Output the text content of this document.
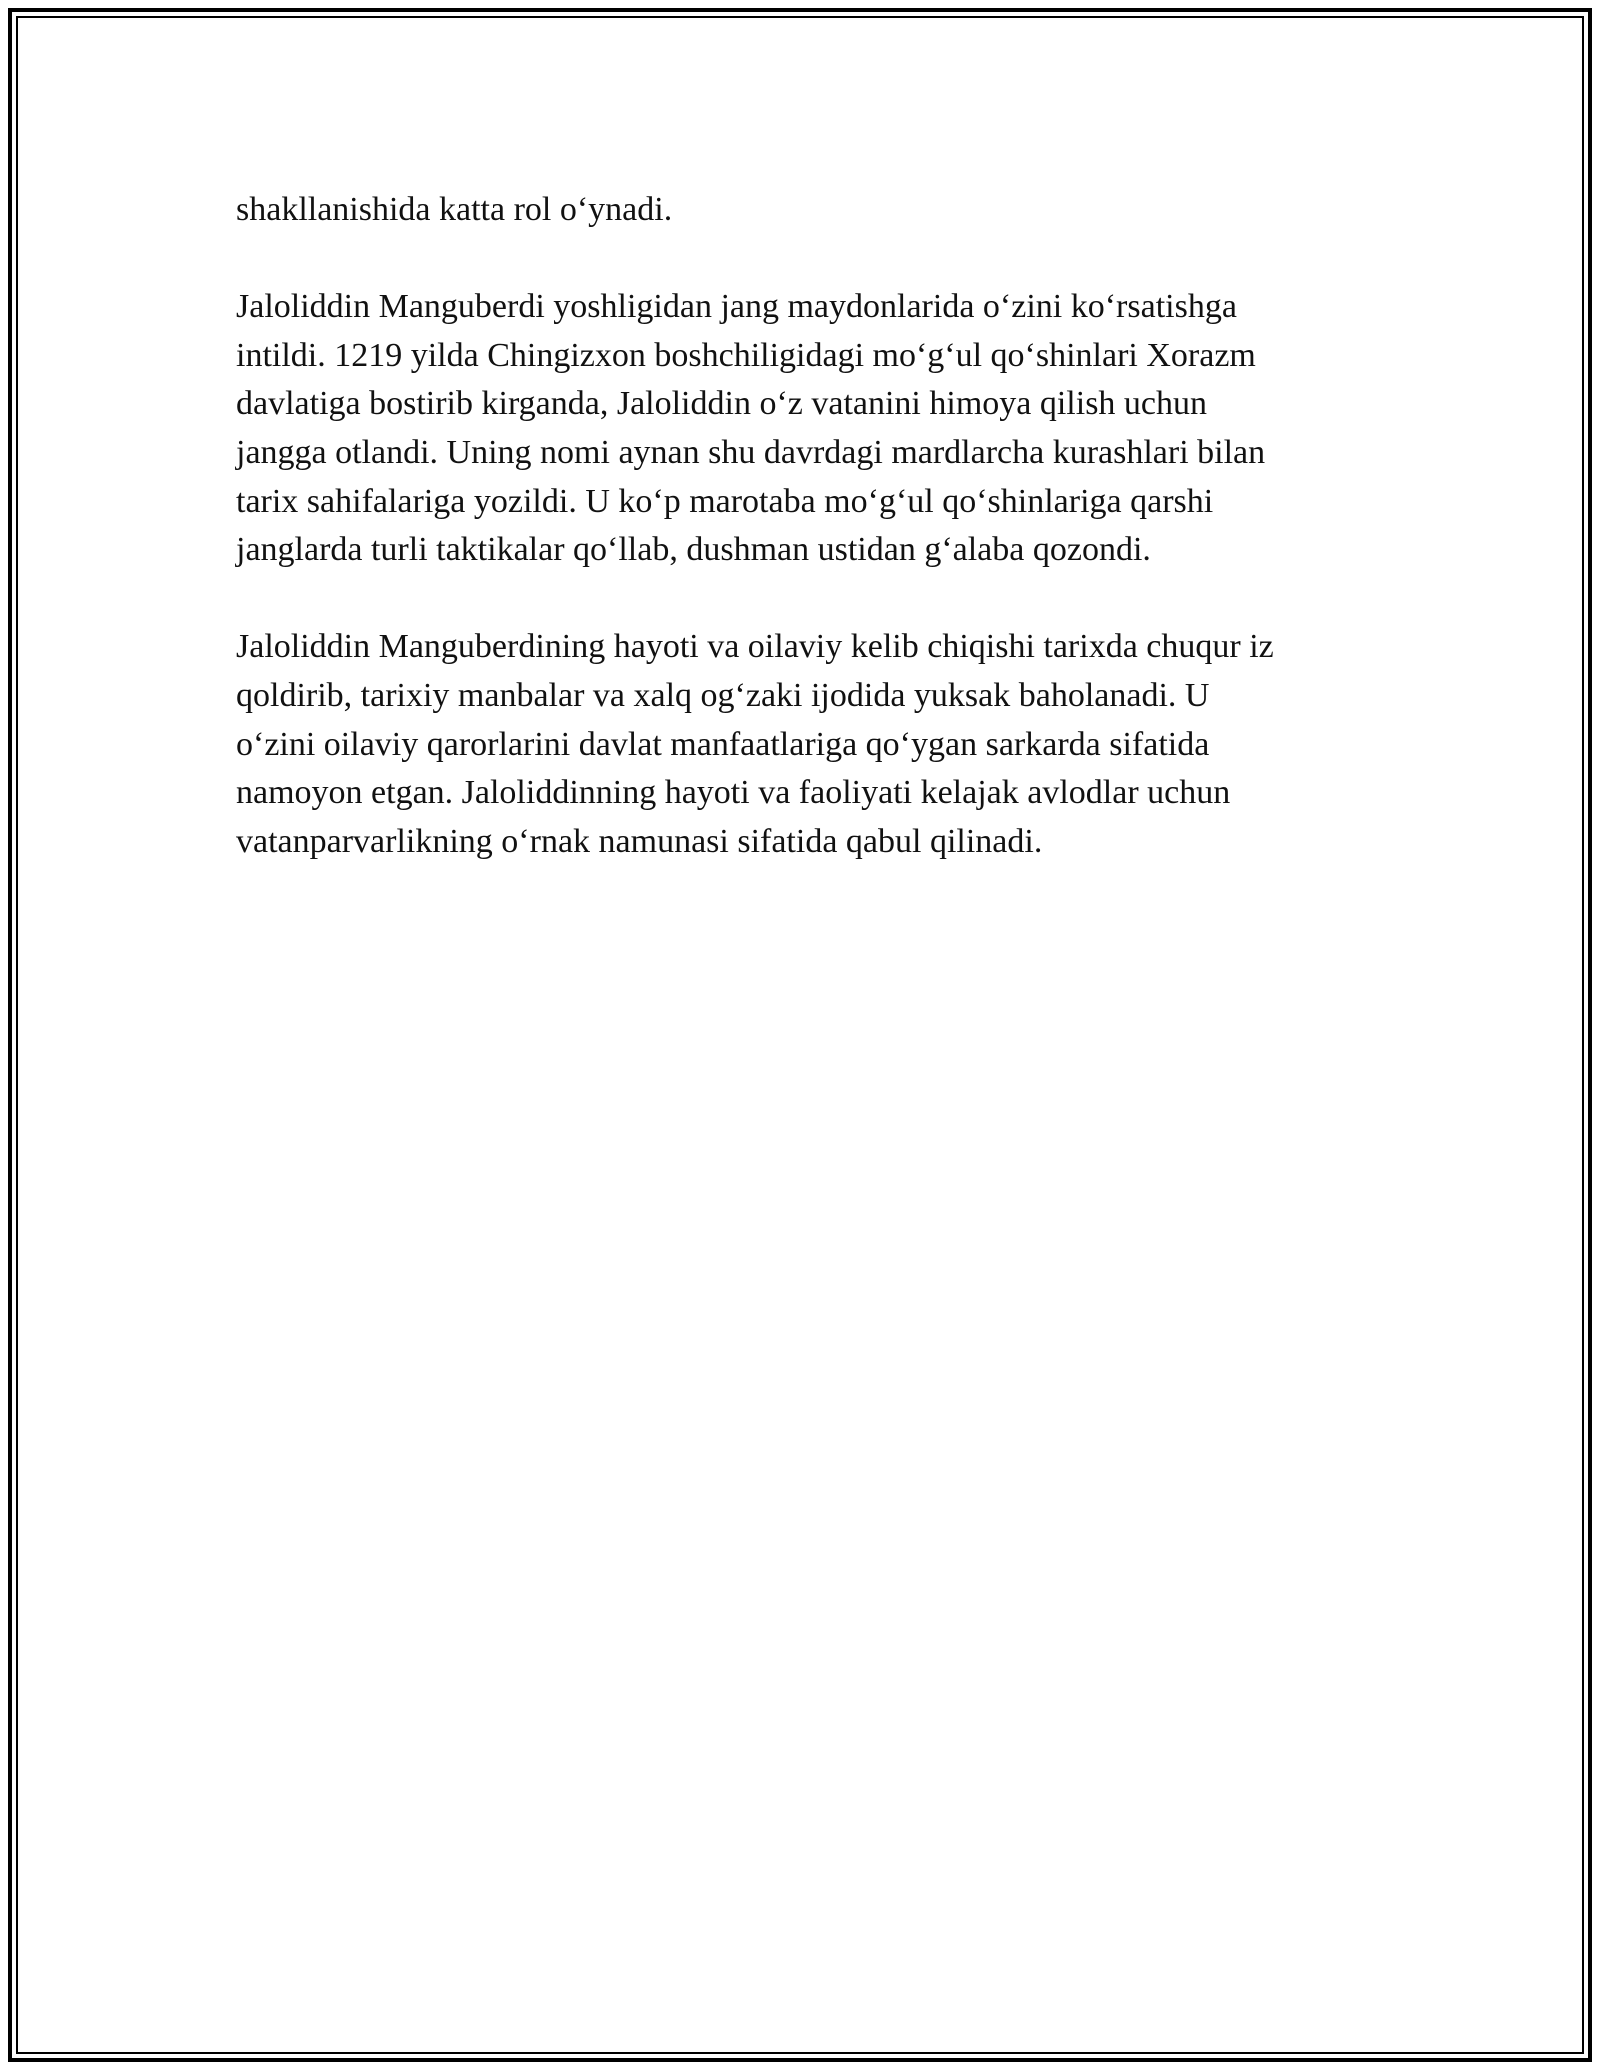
shakllanishida katta rol oʻynadi.

Jaloliddin Manguberdi yoshligidan jang maydonlarida oʻzini koʻrsatishga
intildi. 1219 yilda Chingizxon boshchiligidagi moʻgʻul qoʻshinlari Xorazm
davlatiga bostirib kirganda, Jaloliddin oʻz vatanini himoya qilish uchun
jangga otlandi. Uning nomi aynan shu davrdagi mardlarcha kurashlari bilan
tarix sahifalariga yozildi. U koʻp marotaba moʻgʻul qoʻshinlariga qarshi
janglarda turli taktikalar qoʻllab, dushman ustidan gʻalaba qozondi.

Jaloliddin Manguberdining hayoti va oilaviy kelib chiqishi tarixda chuqur iz
qoldirib, tarixiy manbalar va xalq ogʻzaki ijodida yuksak baholanadi. U
oʻzini oilaviy qarorlarini davlat manfaatlariga qoʻygan sarkarda sifatida
namoyon etgan. Jaloliddinning hayoti va faoliyati kelajak avlodlar uchun
vatanparvarlikning oʻrnak namunasi sifatida qabul qilinadi.
